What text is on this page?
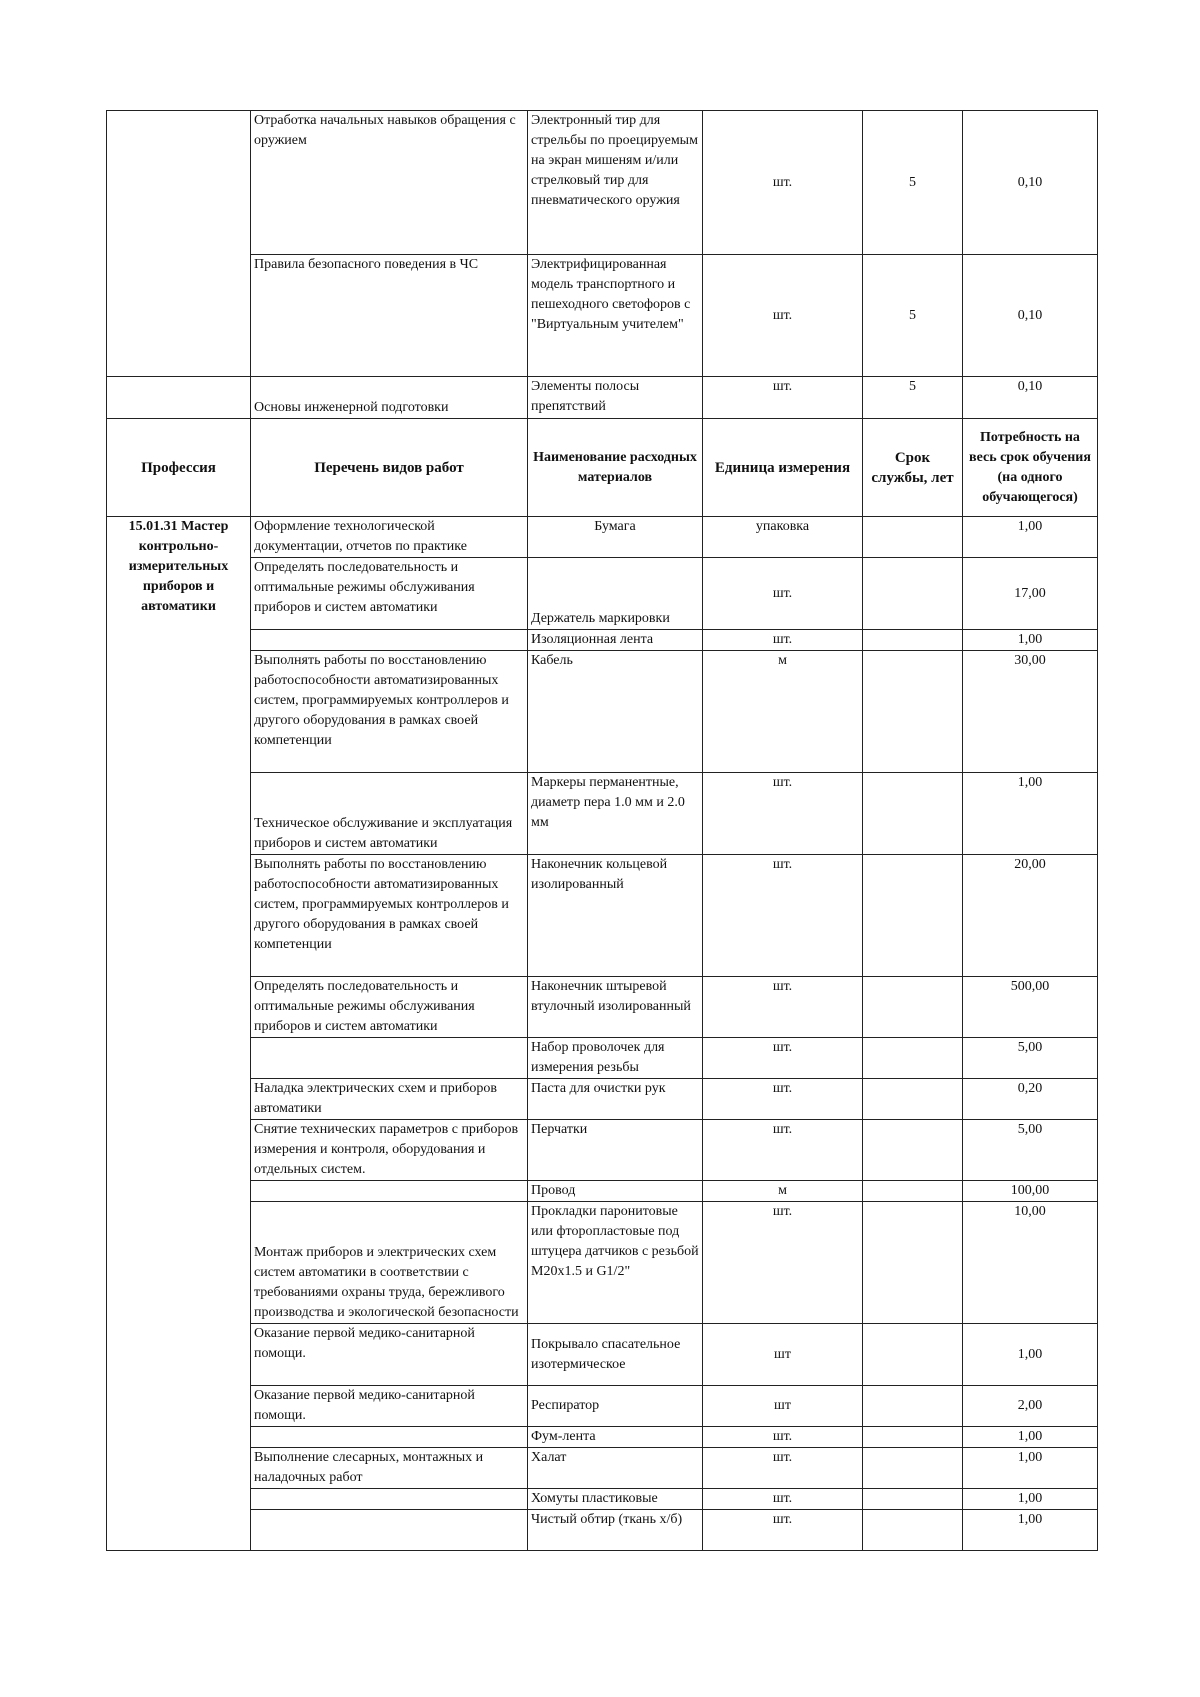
	Отработка начальных навыков обращения с оружием	Электронный тир для стрельбы по проецируемым на экран мишеням и/или стрелковый тир для пневматического оружия	шт.	5	0,10
	Правила безопасного поведения в ЧС	Электрифицированная модель транспортного и пешеходного светофоров с "Виртуальным учителем"	шт.	5	0,10
	Основы инженерной подготовки	Элементы полосы препятствий	шт.	5	0,10
Профессия	Перечень видов работ	Наименование расходных материалов	Единица измерения	Срок службы, лет	Потребность на весь срок обучения (на одного обучающегося)
15.01.31 Мастер контрольно-измерительных приборов и автоматики	Оформление технологической документации, отчетов по практике	Бумага	упаковка		1,00
	Определять последовательность и оптимальные режимы обслуживания приборов и систем автоматики	Держатель маркировки	шт.		17,00
		Изоляционная лента	шт.		1,00
	Выполнять работы по восстановлению работоспособности автоматизированных систем, программируемых контроллеров и другого оборудования в рамках своей компетенции	Кабель	м		30,00
	Техническое обслуживание и эксплуатация приборов и систем автоматики	Маркеры перманентные, диаметр пера 1.0 мм и 2.0 мм	шт.		1,00
	Выполнять работы по восстановлению работоспособности автоматизированных систем, программируемых контроллеров и другого оборудования в рамках своей компетенции	Наконечник кольцевой изолированный	шт.		20,00
	Определять последовательность и оптимальные режимы обслуживания приборов и систем автоматики	Наконечник штыревой втулочный изолированный	шт.		500,00
		Набор проволочек для измерения резьбы	шт.		5,00
	Наладка электрических схем и приборов автоматики	Паста для очистки рук	шт.		0,20
	Снятие технических параметров с приборов измерения и контроля, оборудования и отдельных систем.	Перчатки	шт.		5,00
		Провод	м		100,00
	Монтаж приборов и электрических схем систем автоматики в соответствии с требованиями охраны труда, бережливого производства и экологической безопасности	Прокладки паронитовые или фторопластовые под штуцера датчиков с резьбой М20х1.5 и G1/2"	шт.		10,00
	Оказание первой медико-санитарной помощи.	Покрывало спасательное изотермическое	шт		1,00
	Оказание первой медико-санитарной помощи.	Респиратор	шт		2,00
		Фум-лента	шт.		1,00
	Выполнение слесарных, монтажных и наладочных работ	Халат	шт.		1,00
		Хомуты пластиковые	шт.		1,00
		Чистый обтир (ткань х/б)	шт.		1,00
